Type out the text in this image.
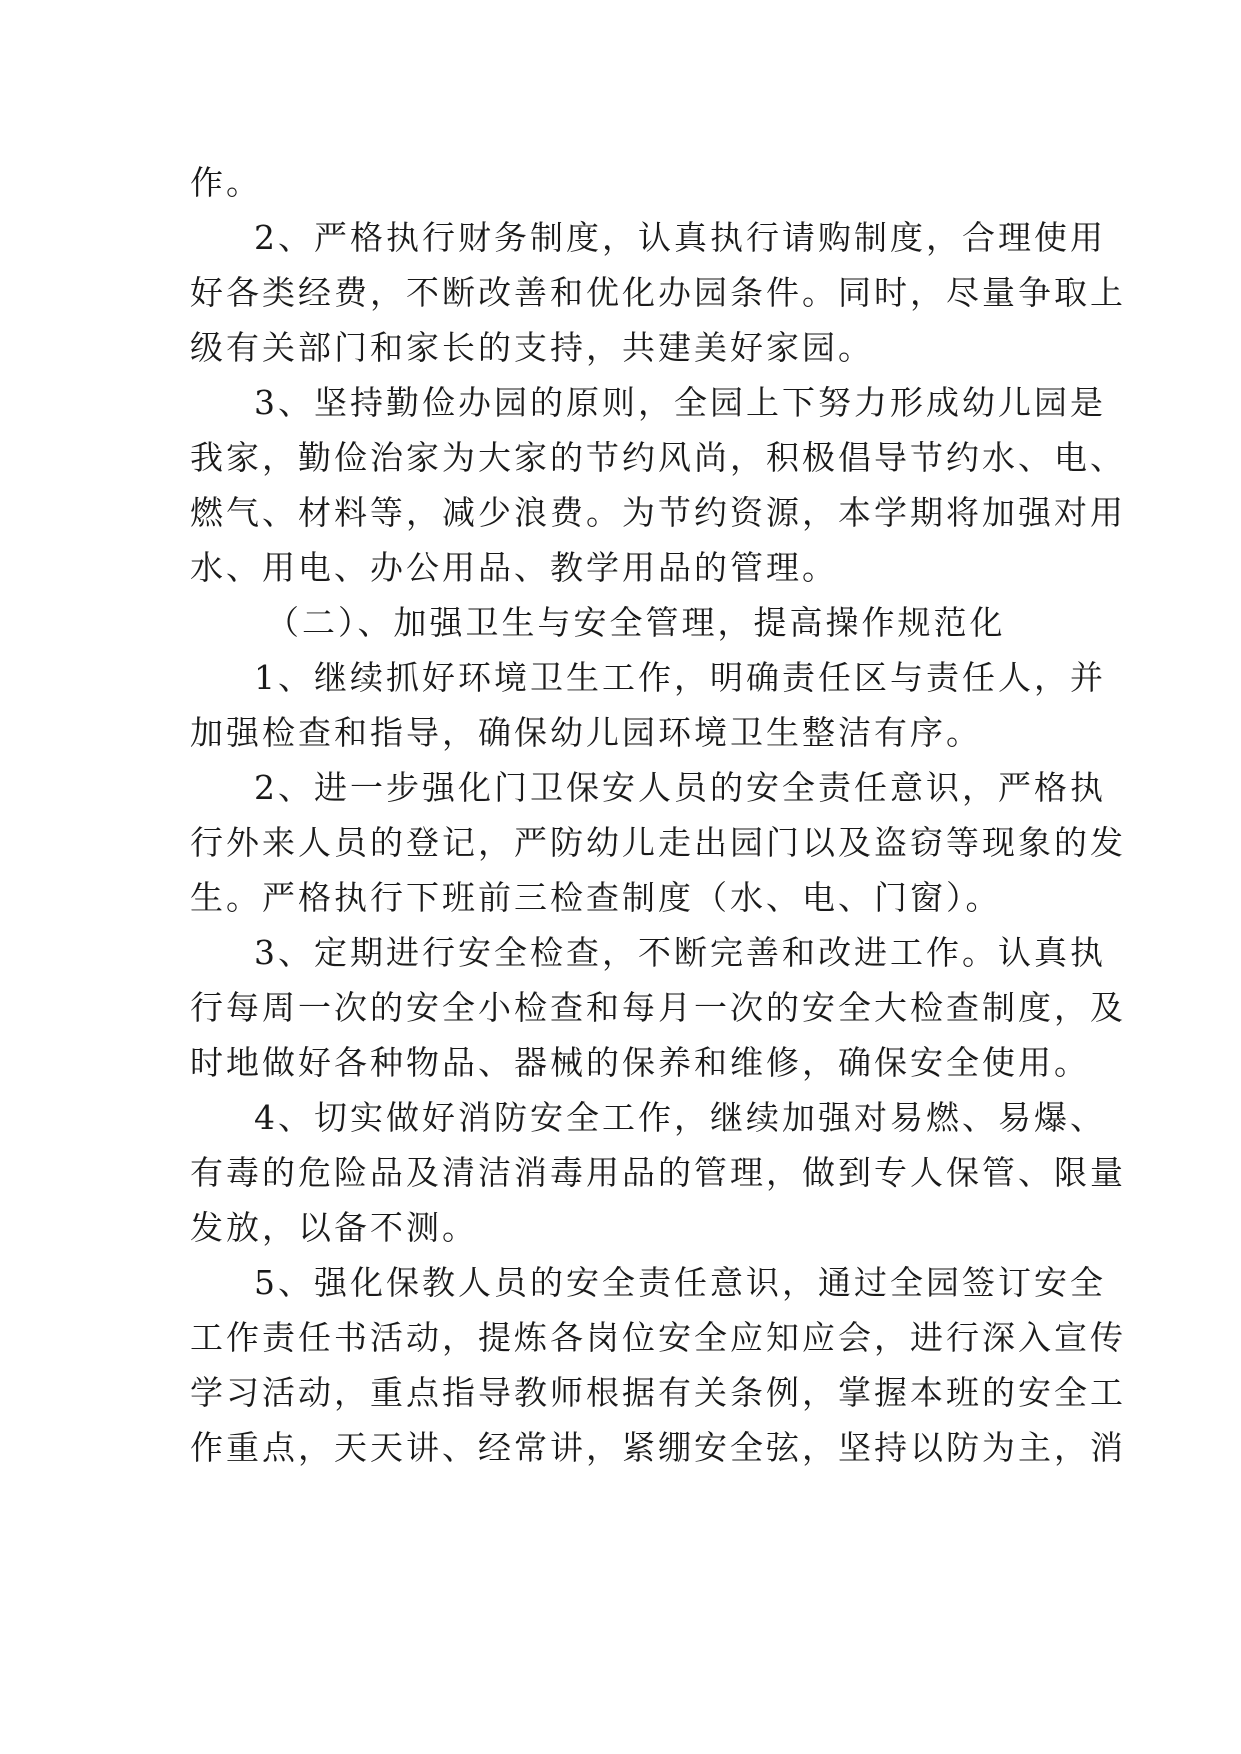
作。
2、严格执行财务制度，认真执行请购制度，合理使用
好各类经费，不断改善和优化办园条件。同时，尽量争取上
级有关部门和家长的支持，共建美好家园。
3、坚持勤俭办园的原则，全园上下努力形成幼儿园是
我家，勤俭治家为大家的节约风尚，积极倡导节约水、电、
燃气、材料等，减少浪费。为节约资源，本学期将加强对用
水、用电、办公用品、教学用品的管理。
（二）、加强卫生与安全管理，提高操作规范化
1、继续抓好环境卫生工作，明确责任区与责任人，并
加强检查和指导，确保幼儿园环境卫生整洁有序。
2、进一步强化门卫保安人员的安全责任意识，严格执
行外来人员的登记，严防幼儿走出园门以及盗窃等现象的发
生。严格执行下班前三检查制度（水、电、门窗）。
3、定期进行安全检查，不断完善和改进工作。认真执
行每周一次的安全小检查和每月一次的安全大检查制度，及
时地做好各种物品、器械的保养和维修，确保安全使用。
4、切实做好消防安全工作，继续加强对易燃、易爆、
有毒的危险品及清洁消毒用品的管理，做到专人保管、限量
发放，以备不测。
5、强化保教人员的安全责任意识，通过全园签订安全
工作责任书活动，提炼各岗位安全应知应会，进行深入宣传
学习活动，重点指导教师根据有关条例，掌握本班的安全工
作重点，天天讲、经常讲，紧绷安全弦，坚持以防为主，消
